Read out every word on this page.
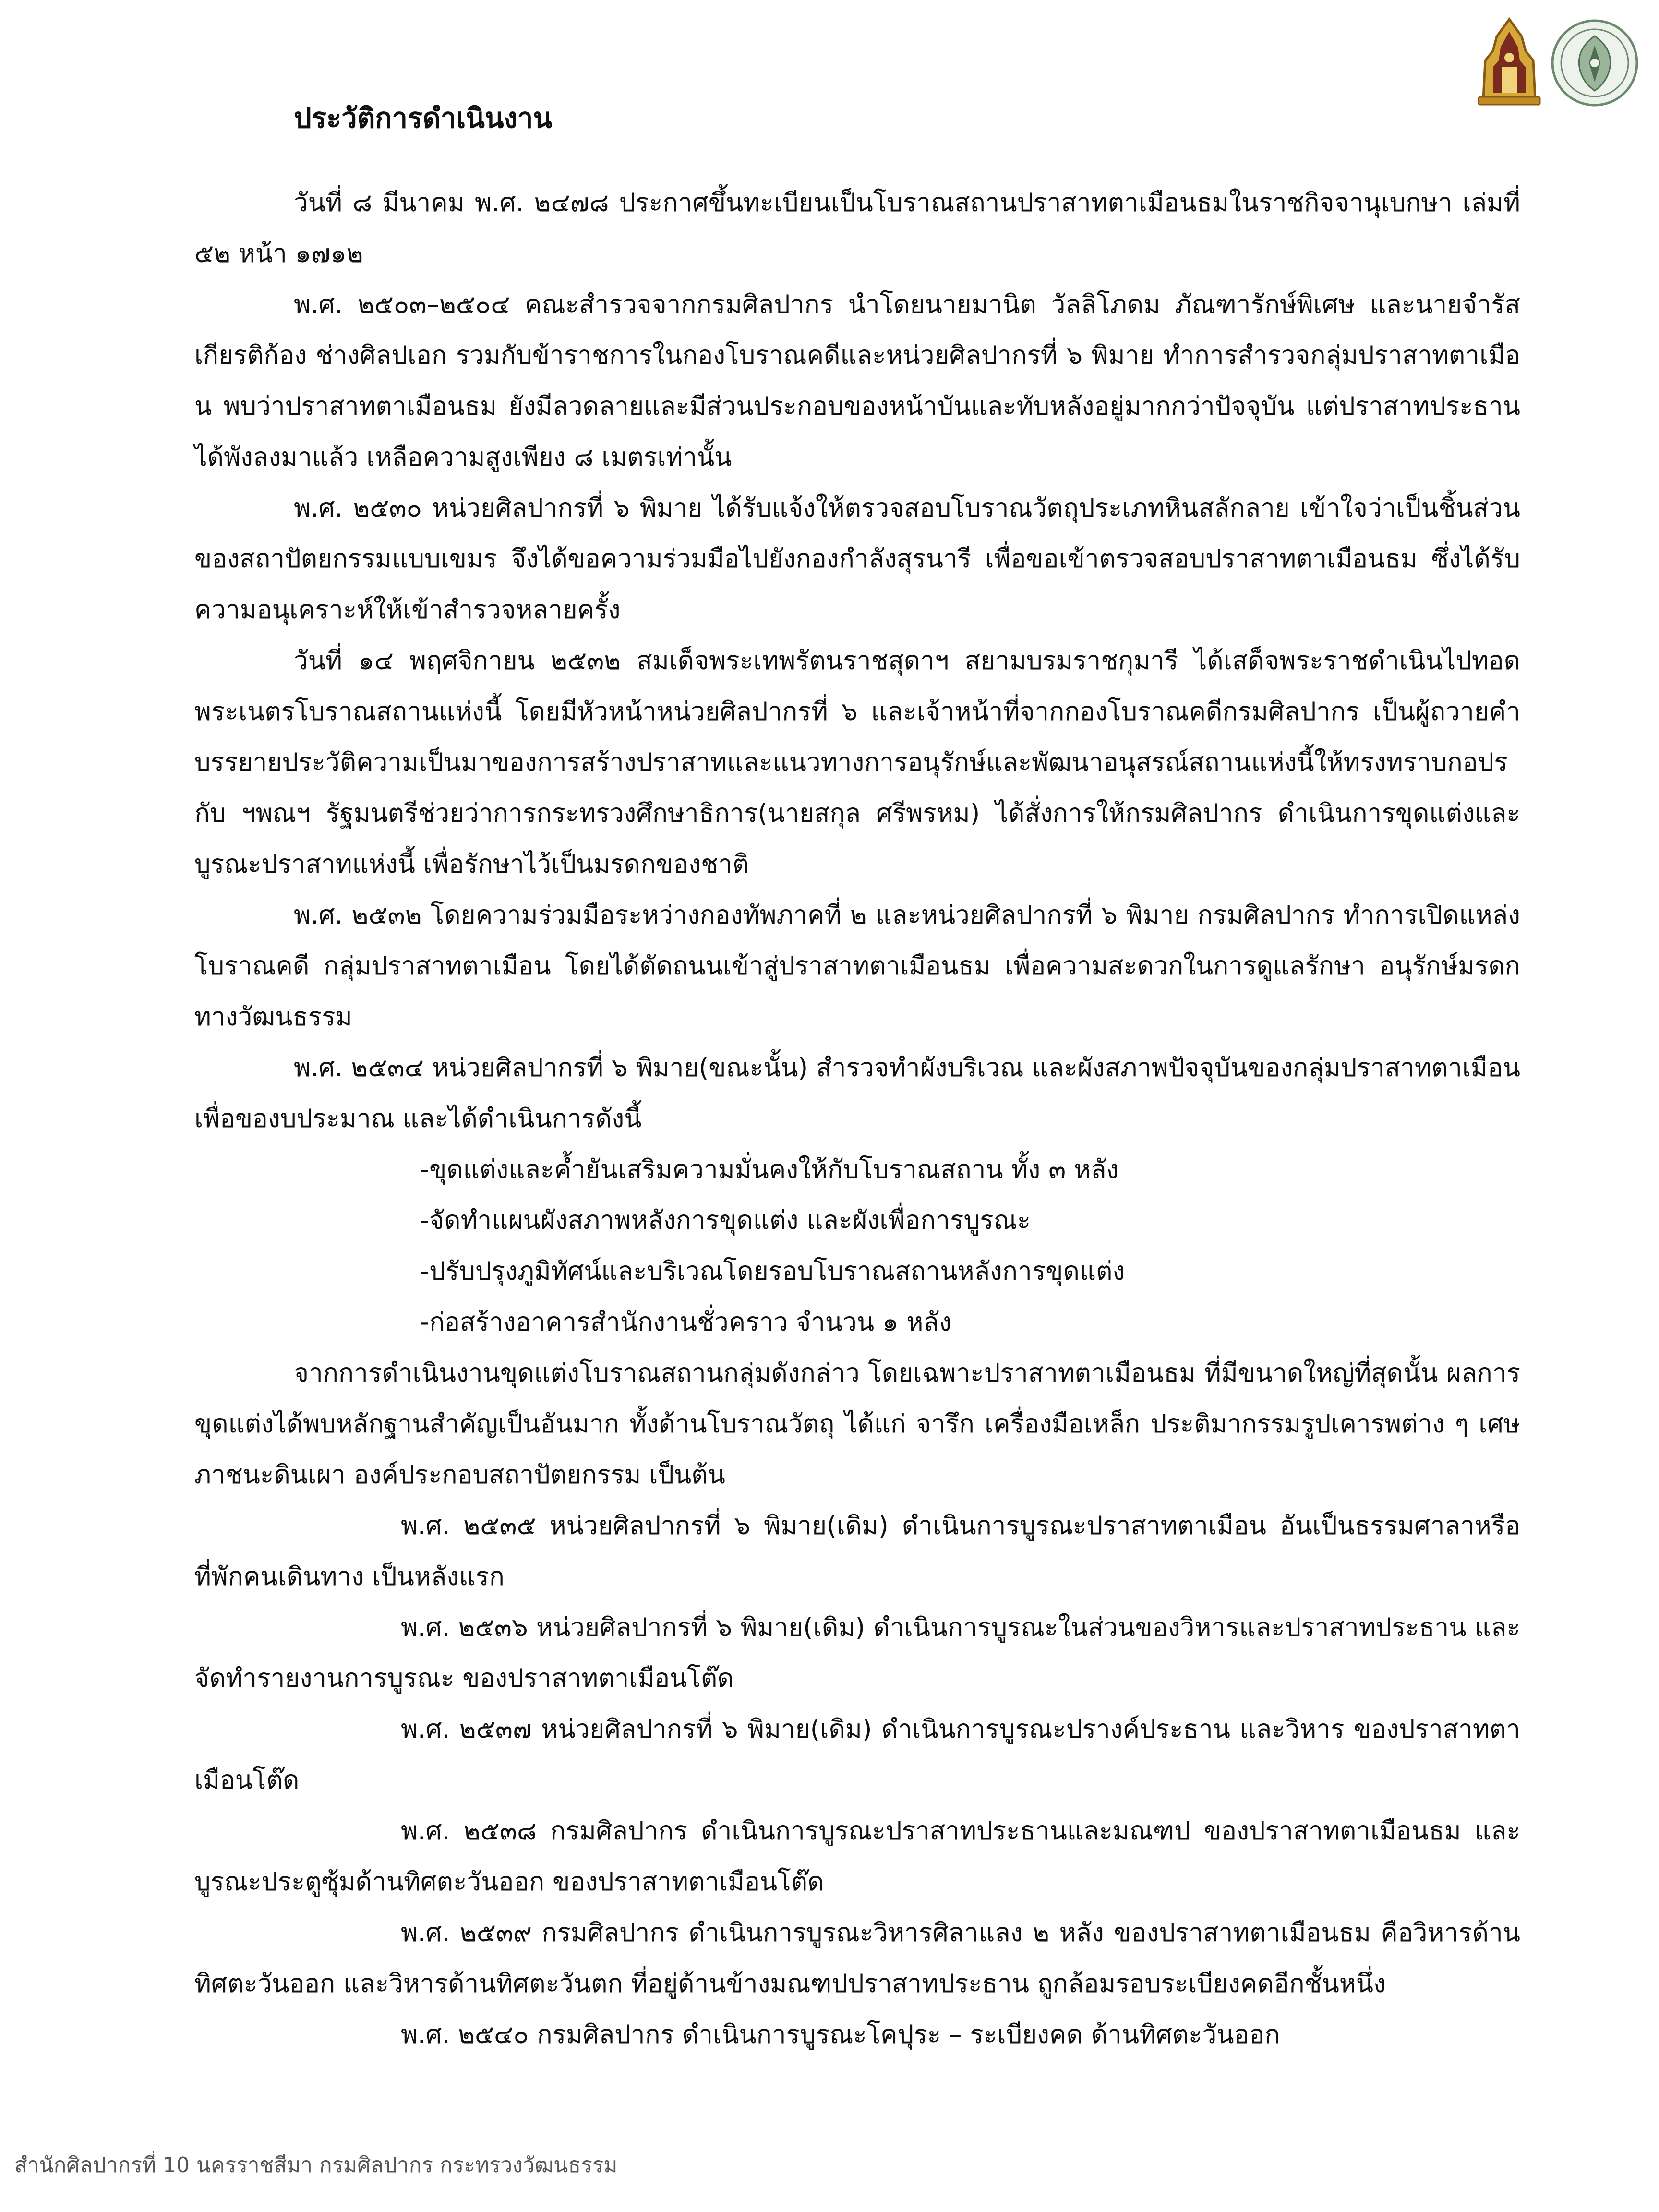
ประวัติการดำเนินงาน

วันที่ ๘ มีนาคม พ.ศ. ๒๔๗๘ ประกาศขึ้นทะเบียนเป็นโบราณสถานปราสาทตาเมือนธมในราชกิจจานุเบกษา เล่มที่ ๕๒ หน้า ๑๗๑๒

พ.ศ. ๒๕๐๓–๒๕๐๔ คณะสำรวจจากกรมศิลปากร นำโดยนายมานิต วัลลิโภดม ภัณฑารักษ์พิเศษ และนายจำรัส เกียรติก้อง ช่างศิลปเอก รวมกับข้าราชการในกองโบราณคดีและหน่วยศิลปากรที่ ๖ พิมาย ทำการสำรวจกลุ่มปราสาทตาเมือน พบว่าปราสาทตาเมือนธม ยังมีลวดลายและมีส่วนประกอบของหน้าบันและทับหลังอยู่มากกว่าปัจจุบัน แต่ปราสาทประธานได้พังลงมาแล้ว เหลือความสูงเพียง ๘ เมตรเท่านั้น

พ.ศ. ๒๕๓๐ หน่วยศิลปากรที่ ๖ พิมาย ได้รับแจ้งให้ตรวจสอบโบราณวัตถุประเภทหินสลักลาย เข้าใจว่าเป็นชิ้นส่วนของสถาปัตยกรรมแบบเขมร จึงได้ขอความร่วมมือไปยังกองกำลังสุรนารี เพื่อขอเข้าตรวจสอบปราสาทตาเมือนธม ซึ่งได้รับความอนุเคราะห์ให้เข้าสำรวจหลายครั้ง

วันที่ ๑๔ พฤศจิกายน ๒๕๓๒ สมเด็จพระเทพรัตนราชสุดาฯ สยามบรมราชกุมารี ได้เสด็จพระราชดำเนินไปทอดพระเนตรโบราณสถานแห่งนี้ โดยมีหัวหน้าหน่วยศิลปากรที่ ๖ และเจ้าหน้าที่จากกองโบราณคดีกรมศิลปากร เป็นผู้ถวายคำบรรยายประวัติความเป็นมาของการสร้างปราสาทและแนวทางการอนุรักษ์และพัฒนาอนุสรณ์สถานแห่งนี้ให้ทรงทราบกอปรกับ ฯพณฯ รัฐมนตรีช่วยว่าการกระทรวงศึกษาธิการ(นายสกุล ศรีพรหม) ได้สั่งการให้กรมศิลปากร ดำเนินการขุดแต่งและบูรณะปราสาทแห่งนี้ เพื่อรักษาไว้เป็นมรดกของชาติ

พ.ศ. ๒๕๓๒ โดยความร่วมมือระหว่างกองทัพภาคที่ ๒ และหน่วยศิลปากรที่ ๖ พิมาย กรมศิลปากร ทำการเปิดแหล่งโบราณคดี กลุ่มปราสาทตาเมือน โดยได้ตัดถนนเข้าสู่ปราสาทตาเมือนธม เพื่อความสะดวกในการดูแลรักษา อนุรักษ์มรดกทางวัฒนธรรม

พ.ศ. ๒๕๓๔ หน่วยศิลปากรที่ ๖ พิมาย(ขณะนั้น) สำรวจทำผังบริเวณ และผังสภาพปัจจุบันของกลุ่มปราสาทตาเมือน เพื่อของบประมาณ และได้ดำเนินการดังนี้

-ขุดแต่งและค้ำยันเสริมความมั่นคงให้กับโบราณสถาน ทั้ง ๓ หลัง

-จัดทำแผนผังสภาพหลังการขุดแต่ง และผังเพื่อการบูรณะ

-ปรับปรุงภูมิทัศน์และบริเวณโดยรอบโบราณสถานหลังการขุดแต่ง

-ก่อสร้างอาคารสำนักงานชั่วคราว จำนวน ๑ หลัง

จากการดำเนินงานขุดแต่งโบราณสถานกลุ่มดังกล่าว โดยเฉพาะปราสาทตาเมือนธม ที่มีขนาดใหญ่ที่สุดนั้น ผลการขุดแต่งได้พบหลักฐานสำคัญเป็นอันมาก ทั้งด้านโบราณวัตถุ ได้แก่ จารึก เครื่องมือเหล็ก ประติมากรรมรูปเคารพต่าง ๆ เศษภาชนะดินเผา องค์ประกอบสถาปัตยกรรม เป็นต้น

พ.ศ. ๒๕๓๕ หน่วยศิลปากรที่ ๖ พิมาย(เดิม) ดำเนินการบูรณะปราสาทตาเมือน อันเป็นธรรมศาลาหรือที่พักคนเดินทาง เป็นหลังแรก

พ.ศ. ๒๕๓๖ หน่วยศิลปากรที่ ๖ พิมาย(เดิม) ดำเนินการบูรณะในส่วนของวิหารและปราสาทประธาน และจัดทำรายงานการบูรณะ ของปราสาทตาเมือนโต๊ด

พ.ศ. ๒๕๓๗ หน่วยศิลปากรที่ ๖ พิมาย(เดิม) ดำเนินการบูรณะปรางค์ประธาน และวิหาร ของปราสาทตาเมือนโต๊ด

พ.ศ. ๒๕๓๘ กรมศิลปากร ดำเนินการบูรณะปราสาทประธานและมณฑป ของปราสาทตาเมือนธม และบูรณะประตูซุ้มด้านทิศตะวันออก ของปราสาทตาเมือนโต๊ด

พ.ศ. ๒๕๓๙ กรมศิลปากร ดำเนินการบูรณะวิหารศิลาแลง ๒ หลัง ของปราสาทตาเมือนธม คือวิหารด้านทิศตะวันออก และวิหารด้านทิศตะวันตก ที่อยู่ด้านข้างมณฑปปราสาทประธาน ถูกล้อมรอบระเบียงคดอีกชั้นหนึ่ง

พ.ศ. ๒๕๔๐ กรมศิลปากร ดำเนินการบูรณะโคปุระ – ระเบียงคด ด้านทิศตะวันออก

สำนักศิลปากรที่ 10 นครราชสีมา กรมศิลปากร กระทรวงวัฒนธรรม
